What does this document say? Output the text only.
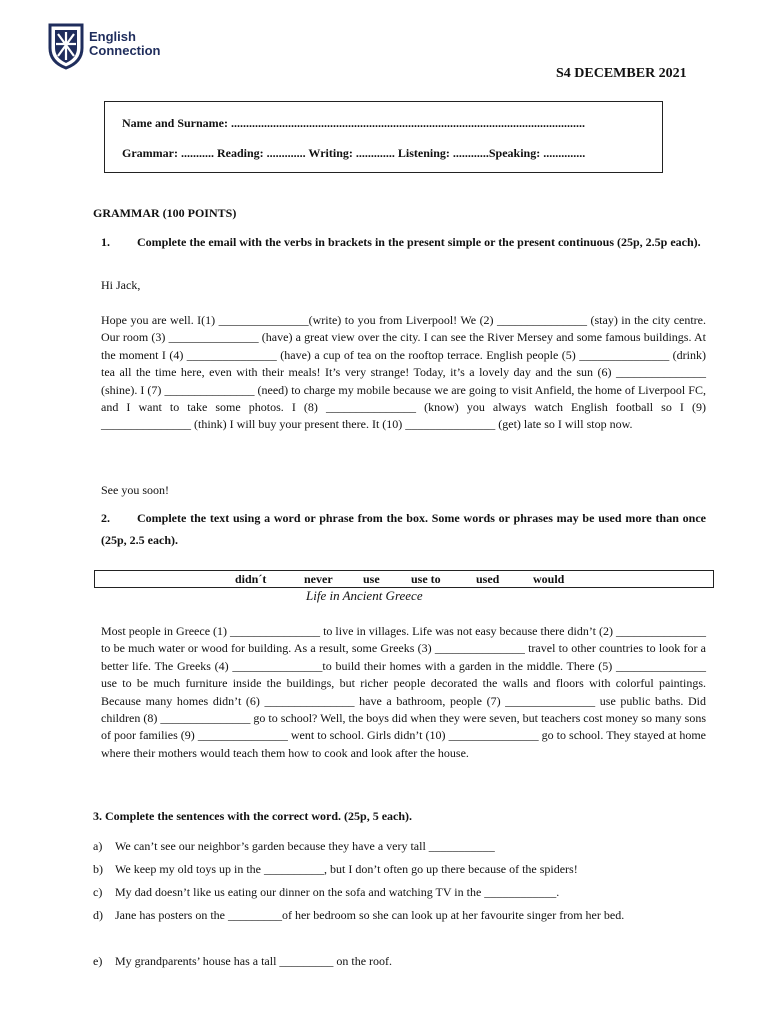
English
Connection
S4 DECEMBER 2021
Name and Surname: ......................................................................................................................
Grammar: ........... Reading: ............. Writing: ............. Listening: ............Speaking: ..............
GRAMMAR (100 POINTS)
1. Complete the email with the verbs in brackets in the present simple or the present continuous (25p, 2.5p each).
Hi Jack,
Hope you are well. I(1) _______________(write) to you from Liverpool! We (2) _______________ (stay) in the city centre. Our room (3) _______________ (have) a great view over the city. I can see the River Mersey and some famous buildings. At the moment I (4) _______________ (have) a cup of tea on the rooftop terrace. English people (5) _______________ (drink) tea all the time here, even with their meals! It’s very strange! Today, it’s a lovely day and the sun (6) _______________ (shine). I (7) _______________ (need) to charge my mobile because we are going to visit Anfield, the home of Liverpool FC, and I want to take some photos. I (8) _______________ (know) you always watch English football so I (9) _______________ (think) I will buy your present there. It (10) _______________ (get) late so I will stop now.
See you soon!
2. Complete the text using a word or phrase from the box. Some words or phrases may be used more than once (25p, 2.5 each).
didn´t	never	use	use to	used	would
Life in Ancient Greece
Most people in Greece (1) _______________ to live in villages. Life was not easy because there didn’t (2) _______________ to be much water or wood for building. As a result, some Greeks (3) _______________ travel to other countries to look for a better life. The Greeks (4) _______________to build their homes with a garden in the middle. There (5) _______________ use to be much furniture inside the buildings, but richer people decorated the walls and floors with colorful paintings. Because many homes didn’t (6) _______________ have a bathroom, people (7) _______________ use public baths. Did children (8) _______________ go to school? Well, the boys did when they were seven, but teachers cost money so many sons of poor families (9) _______________ went to school. Girls didn’t (10) _______________ go to school. They stayed at home where their mothers would teach them how to cook and look after the house.
3. Complete the sentences with the correct word. (25p, 5 each).
a) We can’t see our neighbor’s garden because they have a very tall ___________
b) We keep my old toys up in the __________, but I don’t often go up there because of the spiders!
c) My dad doesn’t like us eating our dinner on the sofa and watching TV in the ____________.
d) Jane has posters on the _________of her bedroom so she can look up at her favourite singer from her bed.
e) My grandparents’ house has a tall _________ on the roof.
